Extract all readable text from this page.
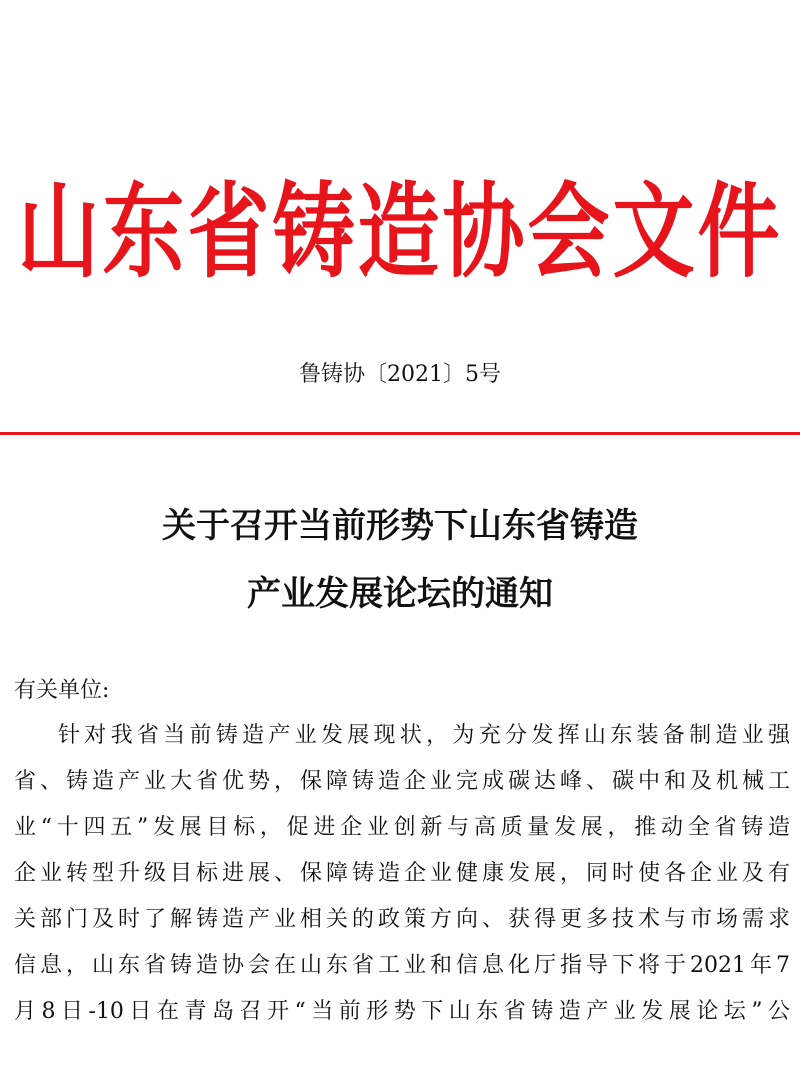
山东省铸造协会文件
鲁铸协〔2021〕5号
关于召开当前形势下山东省铸造
产业发展论坛的通知
有关单位:
针对我省当前铸造产业发展现状，为充分发挥山东装备制造业强
省、铸造产业大省优势，保障铸造企业完成碳达峰、碳中和及机械工
业“十四五”发展目标，促进企业创新与高质量发展，推动全省铸造
企业转型升级目标进展、保障铸造企业健康发展，同时使各企业及有
关部门及时了解铸造产业相关的政策方向、获得更多技术与市场需求
信息，山东省铸造协会在山东省工业和信息化厅指导下将于2021年7
月8日-10日在青岛召开“当前形势下山东省铸造产业发展论坛”公
